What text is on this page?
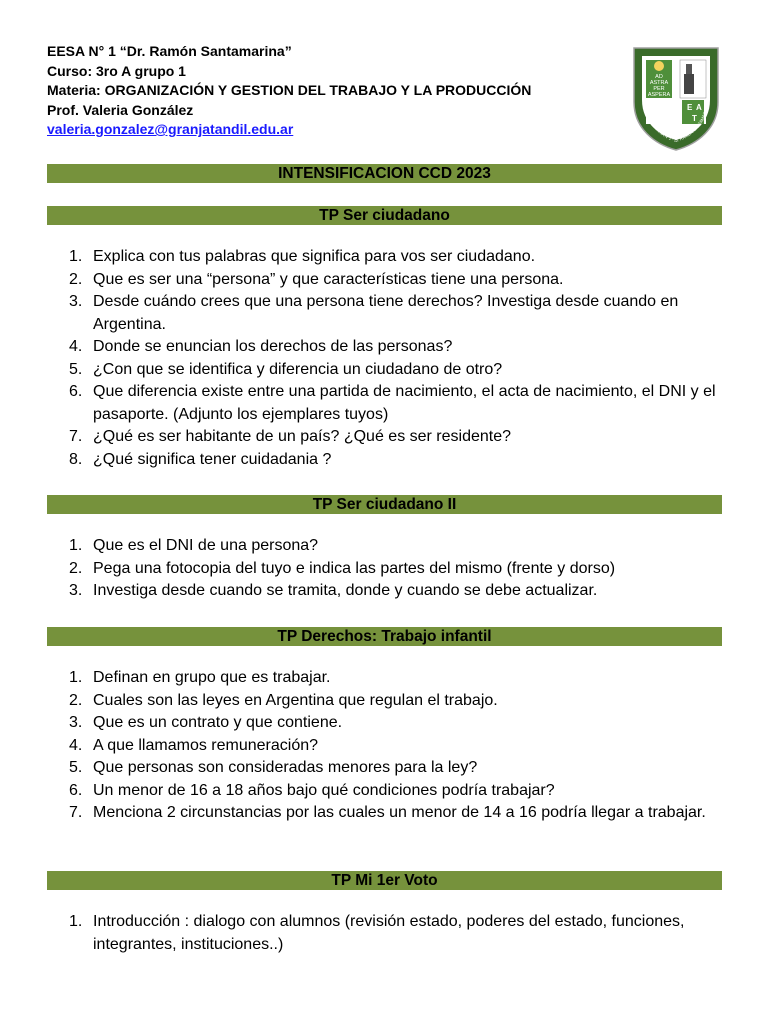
EESA N° 1 “Dr. Ramón Santamarina”
Curso: 3ro A grupo 1
Materia: ORGANIZACIÓN Y GESTION DEL TRABAJO Y LA PRODUCCIÓN
Prof. Valeria González
valeria.gonzalez@granjatandil.edu.ar
AD
ASTRA
PER
ASPERA
E A
T
ESCUELA AGRARIA N°1 · Dr. RAMON SANTAMARINA
INTENSIFICACION CCD 2023
TP Ser ciudadano
1. Explica con tus palabras que significa para vos ser ciudadano.
2. Que es ser una “persona” y que características tiene una persona.
3. Desde cuándo crees que una persona tiene derechos? Investiga desde cuando en Argentina.
4. Donde se enuncian los derechos de las personas?
5. ¿Con que se identifica y diferencia un ciudadano de otro?
6. Que diferencia existe entre una partida de nacimiento, el acta de nacimiento, el DNI y el pasaporte. (Adjunto los ejemplares tuyos)
7. ¿Qué es ser habitante de un país? ¿Qué es ser residente?
8. ¿Qué significa tener cuidadania ?
TP Ser ciudadano II
1. Que es el DNI de una persona?
2. Pega una fotocopia del tuyo e indica las partes del mismo (frente y dorso)
3. Investiga desde cuando se tramita, donde y cuando se debe actualizar.
TP Derechos: Trabajo infantil
1. Definan en grupo que es trabajar.
2. Cuales son las leyes en Argentina que regulan el trabajo.
3. Que es un contrato y que contiene.
4. A que llamamos remuneración?
5. Que personas son consideradas menores para la ley?
6. Un menor de 16 a 18 años bajo qué condiciones podría trabajar?
7. Menciona 2 circunstancias por las cuales un menor de 14 a 16 podría llegar a trabajar.
TP Mi 1er Voto
1. Introducción : dialogo con alumnos (revisión estado, poderes del estado, funciones, integrantes, instituciones..)
